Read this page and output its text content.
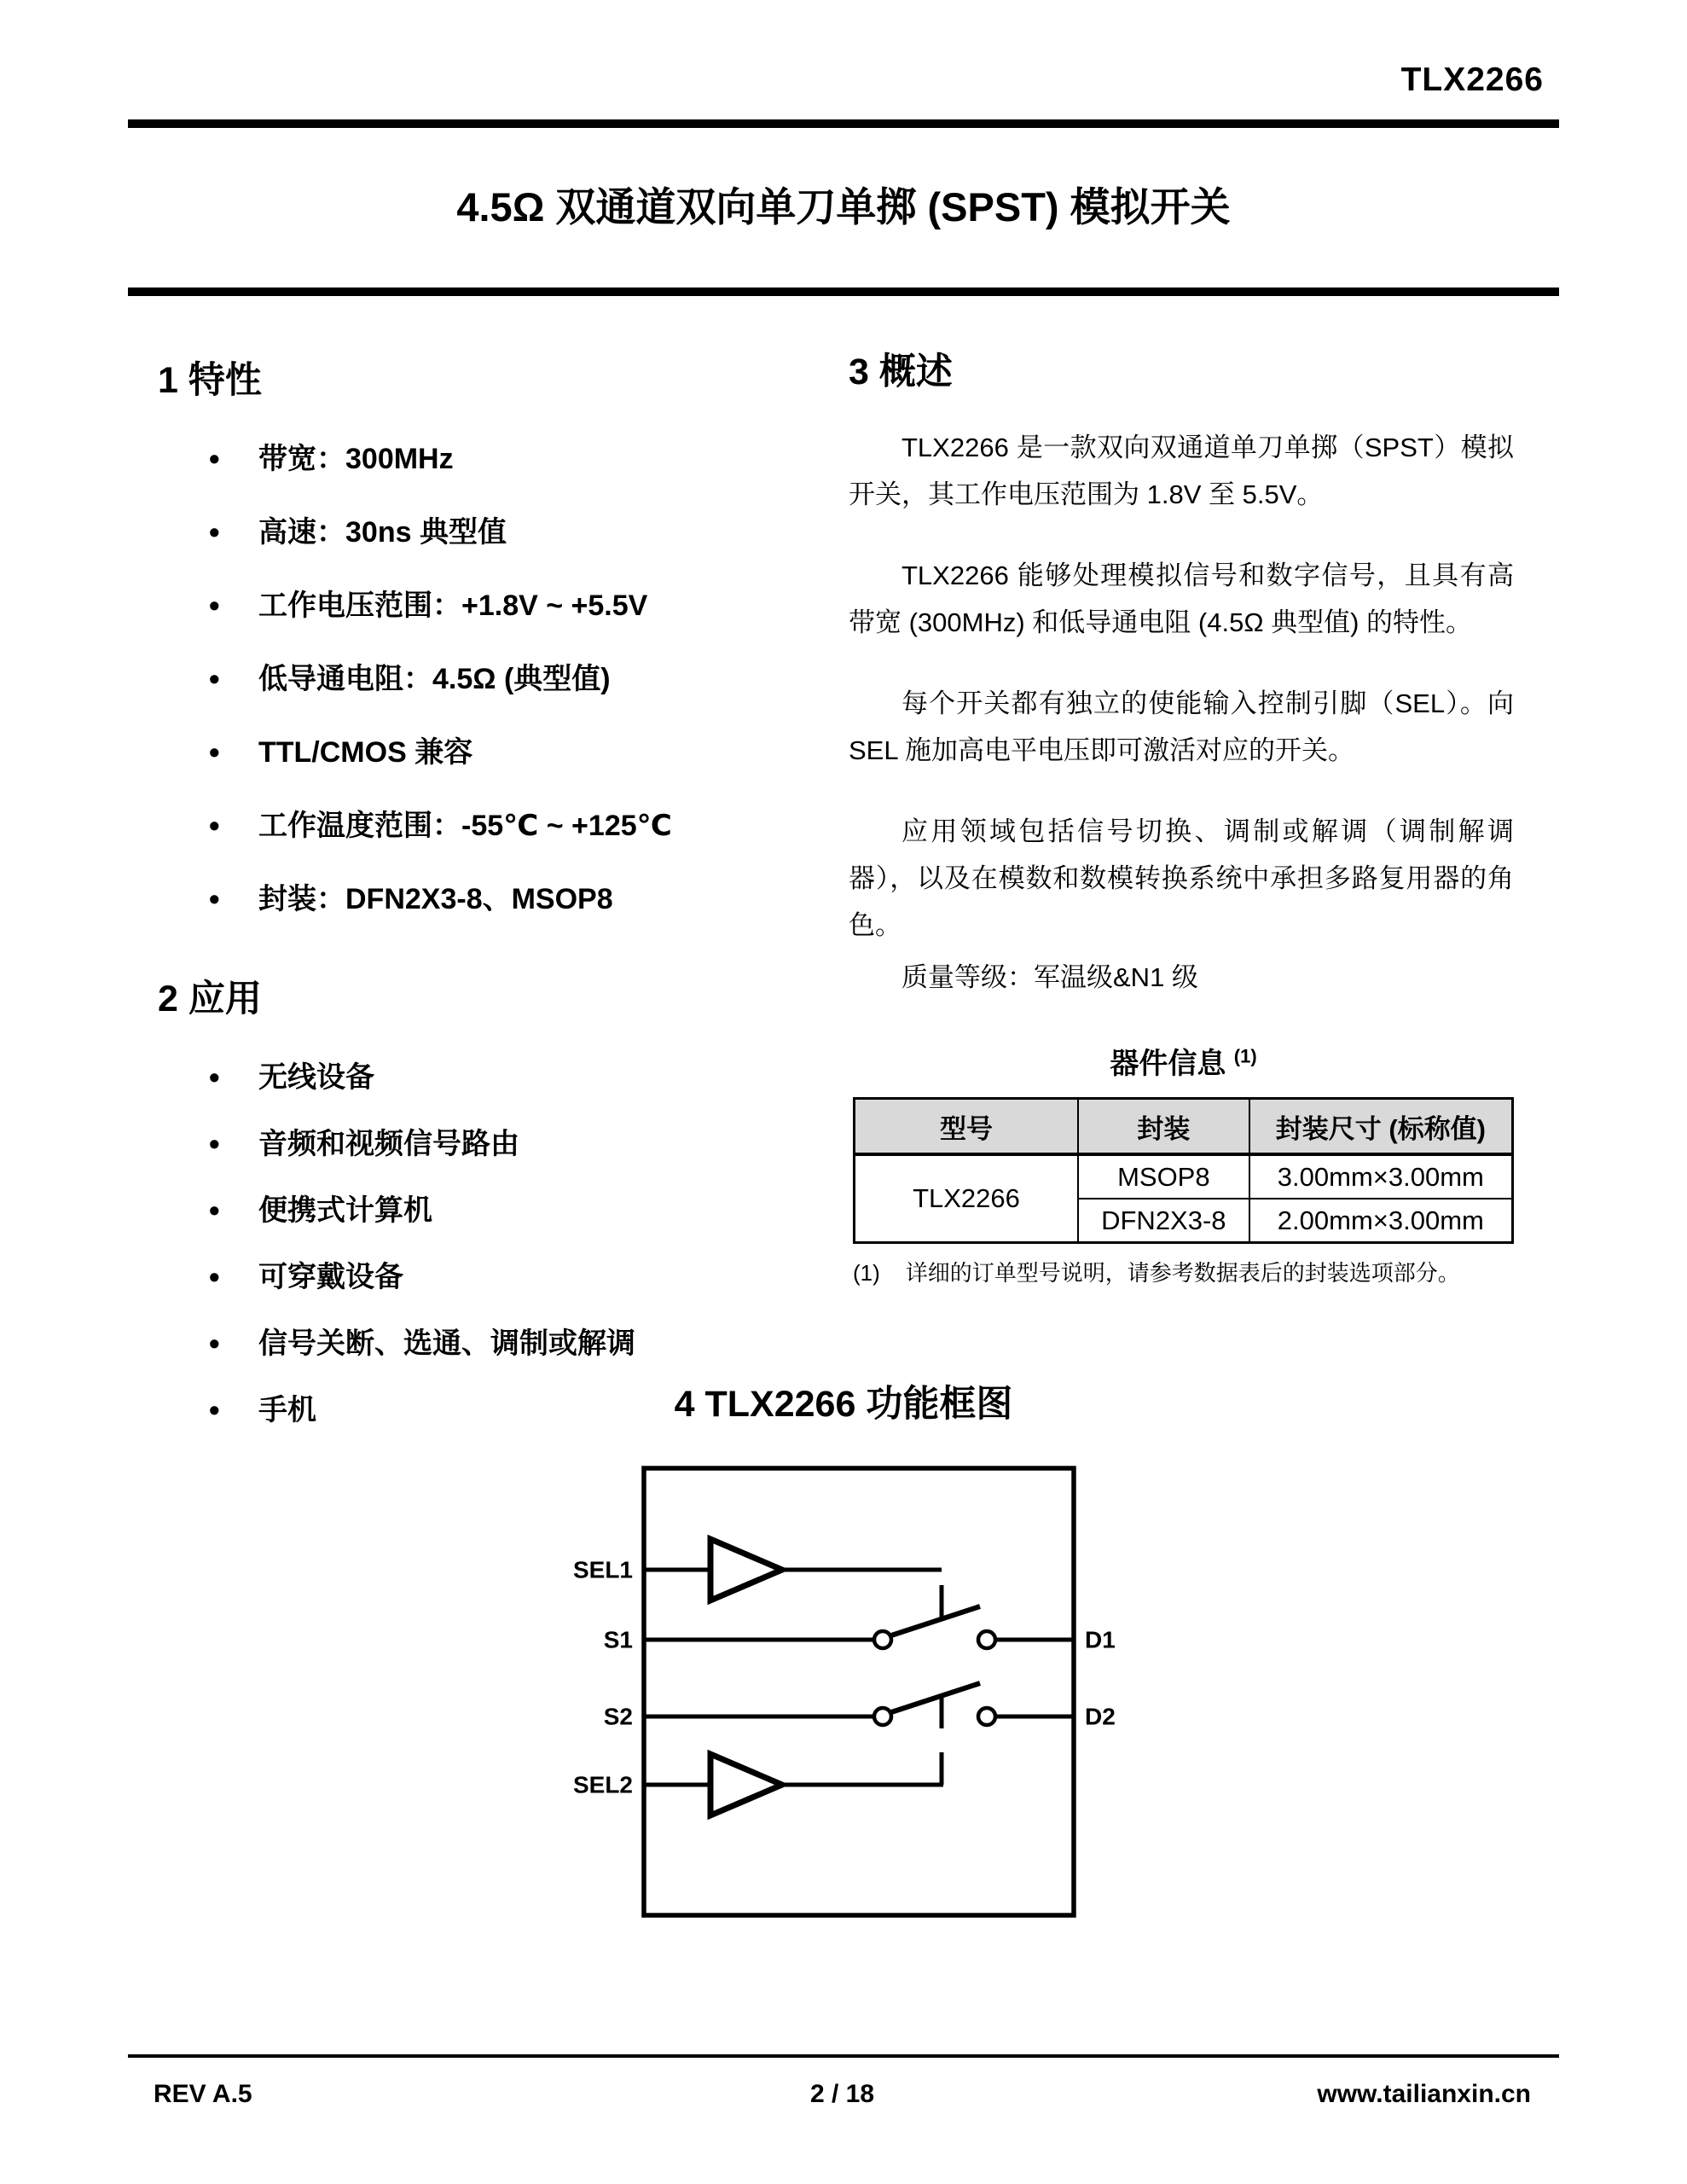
TLX2266
4.5Ω 双通道双向单刀单掷 (SPST) 模拟开关
1 特性
• 带宽：300MHz
• 高速：30ns 典型值
• 工作电压范围：+1.8V ~ +5.5V
• 低导通电阻：4.5Ω (典型值)
• TTL/CMOS 兼容
• 工作温度范围：-55℃ ~ +125℃
• 封装：DFN2X3-8、MSOP8
2 应用
• 无线设备
• 音频和视频信号路由
• 便携式计算机
• 可穿戴设备
• 信号关断、选通、调制或解调
• 手机
3 概述

TLX2266 是一款双向双通道单刀单掷（SPST）模拟开关，其工作电压范围为 1.8V 至 5.5V。

TLX2266 能够处理模拟信号和数字信号，且具有高带宽 (300MHz) 和低导通电阻 (4.5Ω 典型值) 的特性。

每个开关都有独立的使能输入控制引脚（SEL）。向 SEL 施加高电平电压即可激活对应的开关。

应用领域包括信号切换、调制或解调（调制解调器），以及在模数和数模转换系统中承担多路复用器的角色。

质量等级：军温级&N1 级

器件信息 $^{(1)}$
型号	封装	封装尺寸 (标称值)
TLX2266	MSOP8	3.00mm×3.00mm
	DFN2X3-8	2.00mm×3.00mm
(1) 详细的订单型号说明，请参考数据表后的封装选项部分。
4 TLX2266 功能框图
SEL1
S1
S2
SEL2
D1
D2
REV A.5	2 / 18	www.tailianxin.cn
